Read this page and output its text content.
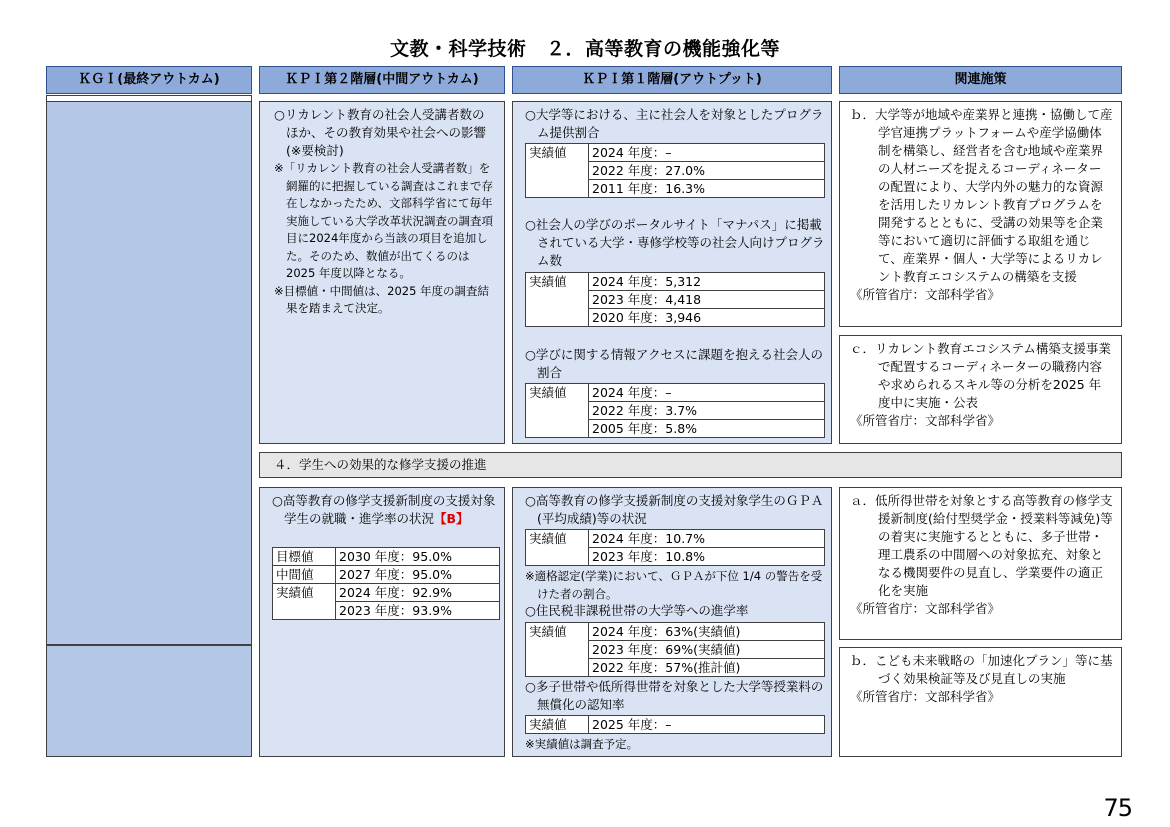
文教・科学技術　２．高等教育の機能強化等
ＫＧＩ(最終アウトカム)	ＫＰＩ第２階層(中間アウトカム)	ＫＰＩ第１階層(アウトプット)	関連施策
○リカレント教育の社会人受講者数のほか、その教育効果や社会への影響(※要検討)
※「リカレント教育の社会人受講者数」を網羅的に把握している調査はこれまで存在しなかったため、文部科学省にて毎年実施している大学改革状況調査の調査項目に2024年度から当該の項目を追加した。そのため、数値が出てくるのは 2025 年度以降となる。
※目標値・中間値は、2025 年度の調査結果を踏まえて決定。
○大学等における、主に社会人を対象としたプログラム提供割合
実績値	2024 年度：–
2022 年度：27.0%
2011 年度：16.3%
○社会人の学びのポータルサイト「マナパス」に掲載されている大学・専修学校等の社会人向けプログラム数
実績値	2024 年度：5,312
2023 年度：4,418
2020 年度：3,946
○学びに関する情報アクセスに課題を抱える社会人の割合
実績値	2024 年度：–
2022 年度：3.7%
2005 年度：5.8%
ｂ．大学等が地域や産業界と連携・協働して産学官連携プラットフォームや産学協働体制を構築し、経営者を含む地域や産業界の人材ニーズを捉えるコーディネーターの配置により、大学内外の魅力的な資源を活用したリカレント教育プログラムを開発するとともに、受講の効果等を企業等において適切に評価する取組を通じて、産業界・個人・大学等によるリカレント教育エコシステムの構築を支援
《所管省庁：文部科学省》
ｃ．リカレント教育エコシステム構築支援事業で配置するコーディネーターの職務内容や求められるスキル等の分析を2025 年度中に実施・公表
《所管省庁：文部科学省》
４．学生への効果的な修学支援の推進
○高等教育の修学支援新制度の支援対象学生の就職・進学率の状況【B】
目標値	2030 年度：95.0%
中間値	2027 年度：95.0%
実績値	2024 年度：92.9%
	2023 年度：93.9%
○高等教育の修学支援新制度の支援対象学生のＧＰＡ(平均成績)等の状況
実績値	2024 年度：10.7%
2023 年度：10.8%
※適格認定(学業)において、ＧＰＡが下位 1/4 の警告を受けた者の割合。
○住民税非課税世帯の大学等への進学率
実績値	2024 年度：63%(実績値)
2023 年度：69%(実績値)
2022 年度：57%(推計値)
○多子世帯や低所得世帯を対象とした大学等授業料の無償化の認知率
実績値	2025 年度：–
※実績値は調査予定。
ａ．低所得世帯を対象とする高等教育の修学支援新制度(給付型奨学金・授業料等減免)等の着実に実施するとともに、多子世帯・理工農系の中間層への対象拡充、対象となる機関要件の見直し、学業要件の適正化を実施
《所管省庁：文部科学省》
ｂ．こども未来戦略の「加速化プラン」等に基づく効果検証等及び見直しの実施
《所管省庁：文部科学省》
75
